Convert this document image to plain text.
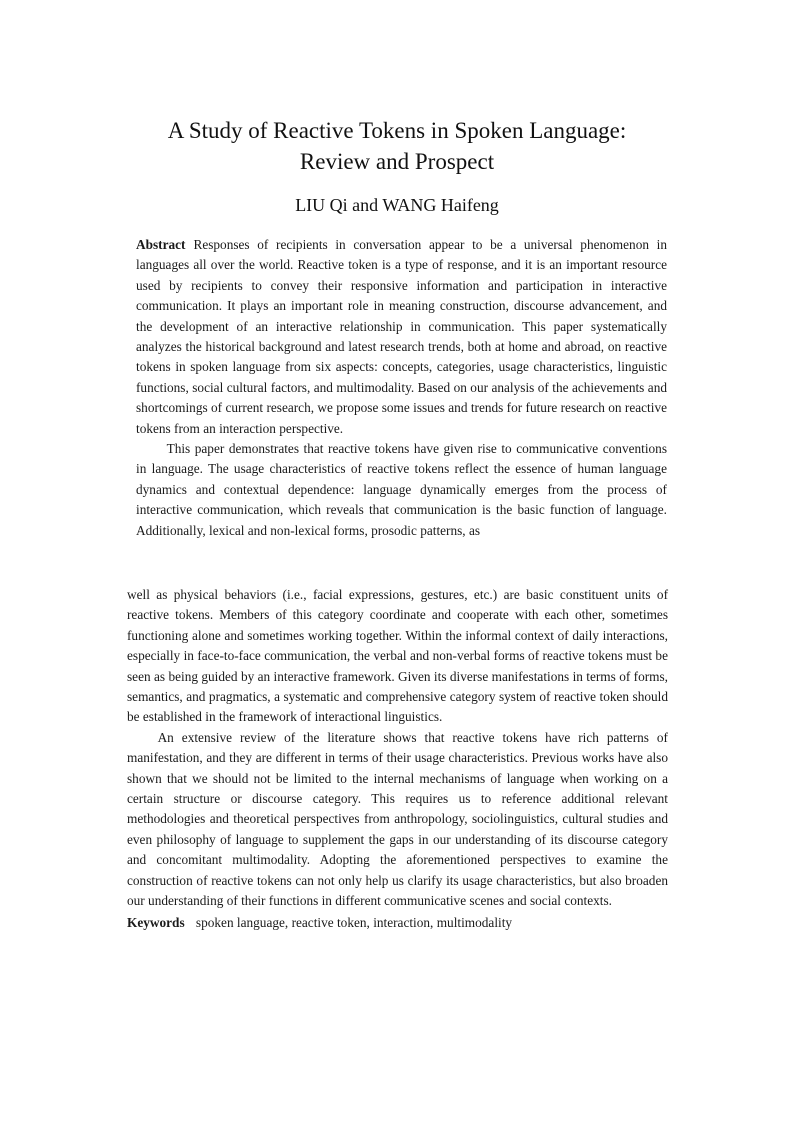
A Study of Reactive Tokens in Spoken Language:
Review and Prospect
LIU Qi and WANG Haifeng

Abstract Responses of recipients in conversation appear to be a universal phenomenon in languages all over the world. Reactive token is a type of response, and it is an important resource used by recipients to convey their responsive information and participation in interactive communication. It plays an important role in meaning construction, discourse advancement, and the development of an interactive relationship in communication. This paper systematically analyzes the historical background and latest research trends, both at home and abroad, on reactive tokens in spoken language from six aspects: concepts, categories, usage characteristics, linguistic functions, social cultural factors, and multimodality. Based on our analysis of the achievements and shortcomings of current research, we propose some issues and trends for future research on reactive tokens from an interaction perspective.

This paper demonstrates that reactive tokens have given rise to communicative conventions in language. The usage characteristics of reactive tokens reflect the essence of human language dynamics and contextual dependence: language dynamically emerges from the process of interactive communication, which reveals that communication is the basic function of language. Additionally, lexical and non-lexical forms, prosodic patterns, as

well as physical behaviors (i.e., facial expressions, gestures, etc.) are basic constituent units of reactive tokens. Members of this category coordinate and cooperate with each other, sometimes functioning alone and sometimes working together. Within the informal context of daily interactions, especially in face-to-face communication, the verbal and non-verbal forms of reactive tokens must be seen as being guided by an interactive framework. Given its diverse manifestations in terms of forms, semantics, and pragmatics, a systematic and comprehensive category system of reactive token should be established in the framework of interactional linguistics.

An extensive review of the literature shows that reactive tokens have rich patterns of manifestation, and they are different in terms of their usage characteristics. Previous works have also shown that we should not be limited to the internal mechanisms of language when working on a certain structure or discourse category. This requires us to reference additional relevant methodologies and theoretical perspectives from anthropology, sociolinguistics, cultural studies and even philosophy of language to supplement the gaps in our understanding of its discourse category and concomitant multimodality. Adopting the aforementioned perspectives to examine the construction of reactive tokens can not only help us clarify its usage characteristics, but also broaden our understanding of their functions in different communicative scenes and social contexts.

Keywords spoken language , reactive token , interaction , multimodality
